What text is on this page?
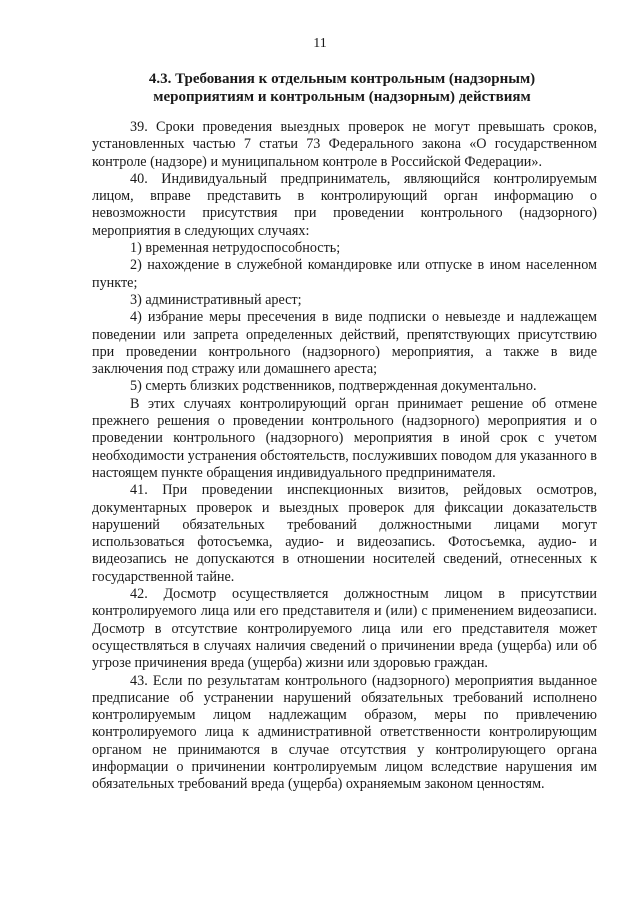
11
4.3. Требования к отдельным контрольным (надзорным)
мероприятиям и контрольным (надзорным) действиям

39. Сроки проведения выездных проверок не могут превышать сроков, установленных частью 7 статьи 73 Федерального закона «О государственном контроле (надзоре) и муниципальном контроле в Российской Федерации».

40. Индивидуальный предприниматель, являющийся контролируемым лицом, вправе представить в контролирующий орган информацию о невозможности присутствия при проведении контрольного (надзорного) мероприятия в следующих случаях:

1) временная нетрудоспособность;

2) нахождение в служебной командировке или отпуске в ином населенном пункте;

3) административный арест;

4) избрание меры пресечения в виде подписки о невыезде и надлежащем поведении или запрета определенных действий, препятствующих присутствию при проведении контрольного (надзорного) мероприятия, а также в виде заключения под стражу или домашнего ареста;

5) смерть близких родственников, подтвержденная документально.

В этих случаях контролирующий орган принимает решение об отмене прежнего решения о проведении контрольного (надзорного) мероприятия и о проведении контрольного (надзорного) мероприятия в иной срок с учетом необходимости устранения обстоятельств, послуживших поводом для указанного в настоящем пункте обращения индивидуального предпринимателя.

41. При проведении инспекционных визитов, рейдовых осмотров, документарных проверок и выездных проверок для фиксации доказательств нарушений обязательных требований должностными лицами могут использоваться фотосъемка, аудио- и видеозапись. Фотосъемка, аудио- и видеозапись не допускаются в отношении носителей сведений, отнесенных к государственной тайне.

42. Досмотр осуществляется должностным лицом в присутствии контролируемого лица или его представителя и (или) с применением видеозаписи. Досмотр в отсутствие контролируемого лица или его представителя может осуществляться в случаях наличия сведений о причинении вреда (ущерба) или об угрозе причинения вреда (ущерба) жизни или здоровью граждан.

43. Если по результатам контрольного (надзорного) мероприятия выданное предписание об устранении нарушений обязательных требований исполнено контролируемым лицом надлежащим образом, меры по привлечению контролируемого лица к административной ответственности контролирующим органом не принимаются в случае отсутствия у контролирующего органа информации о причинении контролируемым лицом вследствие нарушения им обязательных требований вреда (ущерба) охраняемым законом ценностям.
